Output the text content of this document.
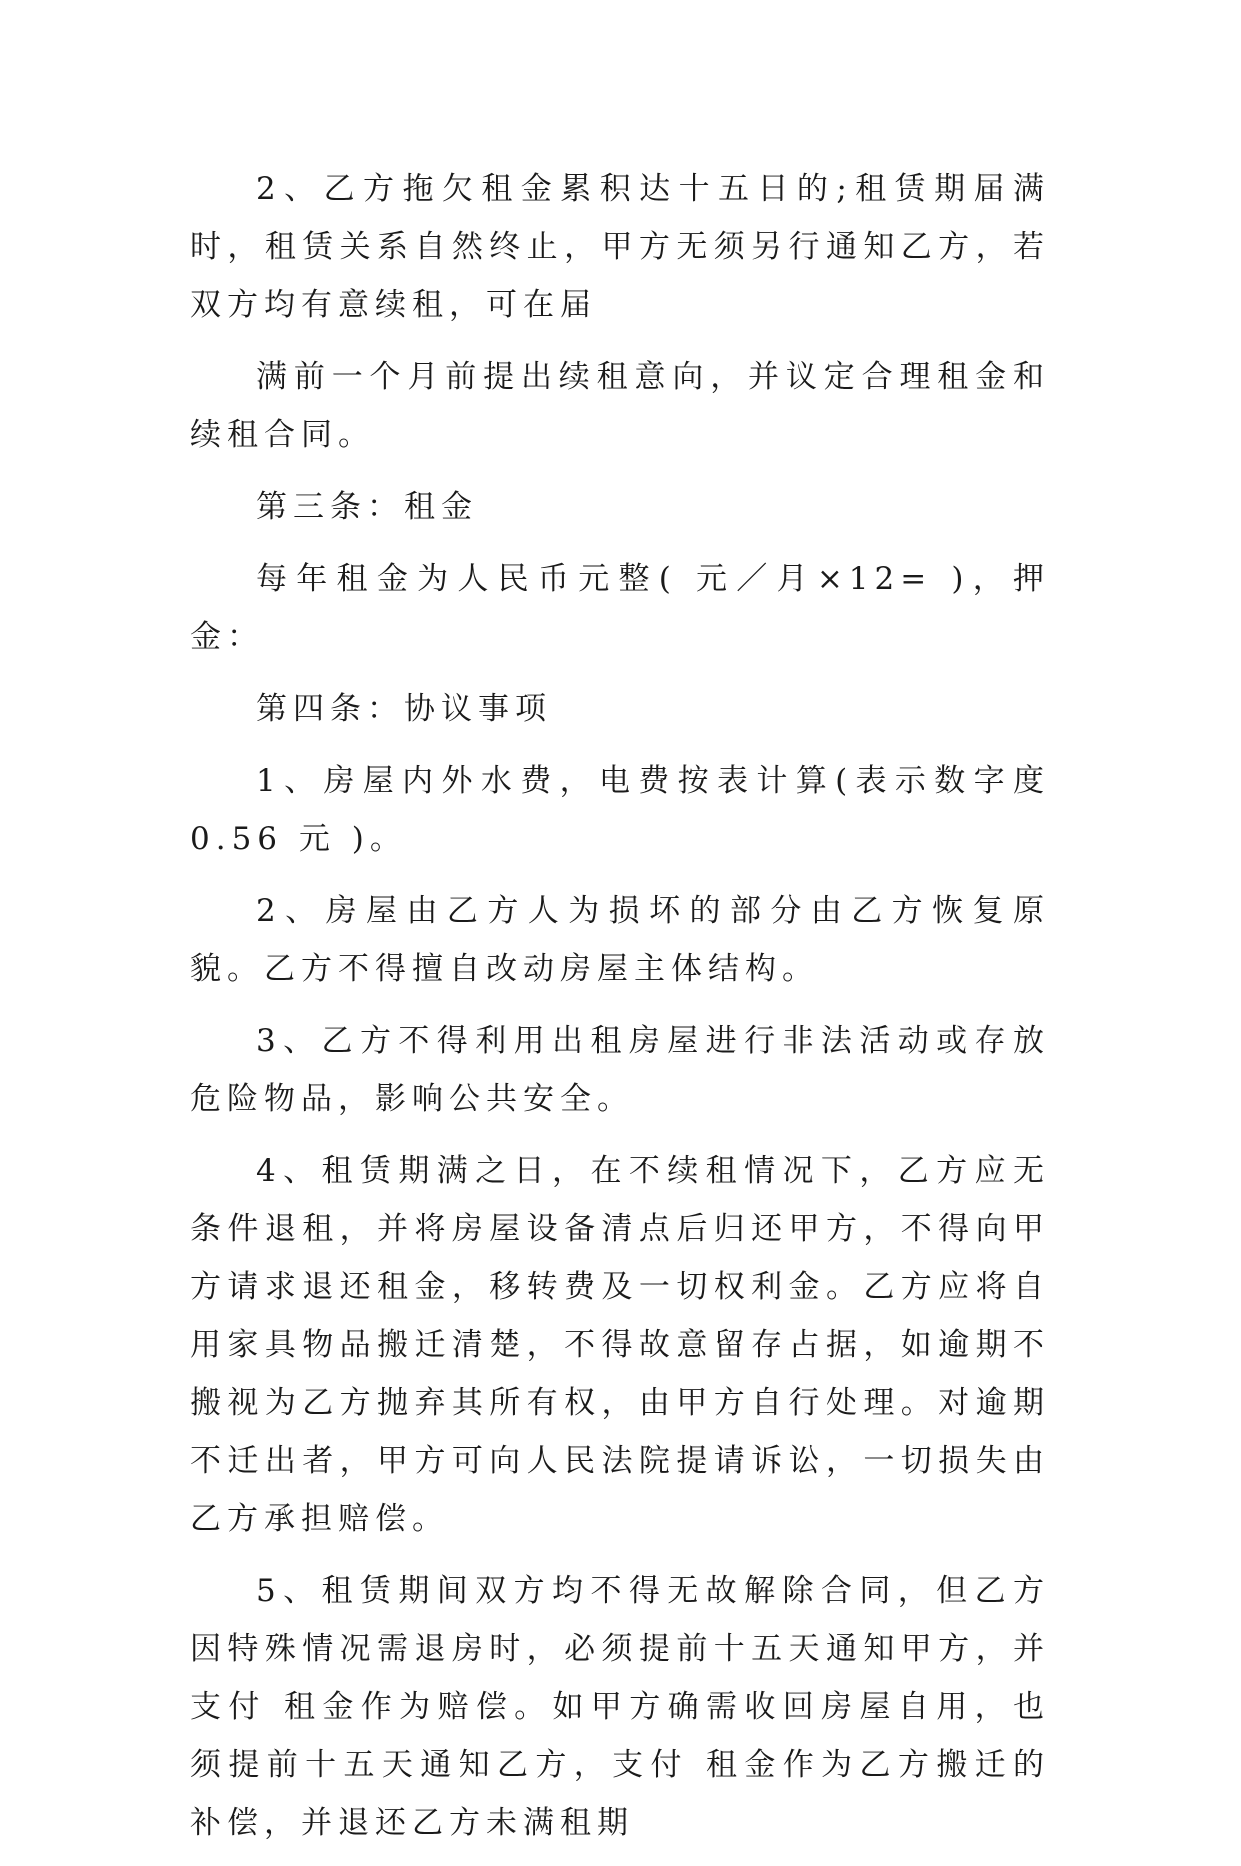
2、乙方拖欠租金累积达十五日的;租赁期届满时，租赁关系自然终止，甲方无须另行通知乙方，若双方均有意续租，可在届

满前一个月前提出续租意向，并议定合理租金和续租合同。

第三条：租金

每年租金为人民币元整( 元／月×12= )，押金：

第四条：协议事项

1、房屋内外水费，电费按表计算(表示数字度 0.56 元 )。

2、房屋由乙方人为损坏的部分由乙方恢复原貌。乙方不得擅自改动房屋主体结构。

3、乙方不得利用出租房屋进行非法活动或存放危险物品，影响公共安全。

4、租赁期满之日，在不续租情况下，乙方应无条件退租，并将房屋设备清点后归还甲方，不得向甲方请求退还租金，移转费及一切权利金。乙方应将自用家具物品搬迁清楚，不得故意留存占据，如逾期不搬视为乙方抛弃其所有权，由甲方自行处理。对逾期不迁出者，甲方可向人民法院提请诉讼，一切损失由乙方承担赔偿。

5、租赁期间双方均不得无故解除合同，但乙方因特殊情况需退房时，必须提前十五天通知甲方，并支付 租金作为赔偿。如甲方确需收回房屋自用，也须提前十五天通知乙方，支付 租金作为乙方搬迁的补偿，并退还乙方未满租期
